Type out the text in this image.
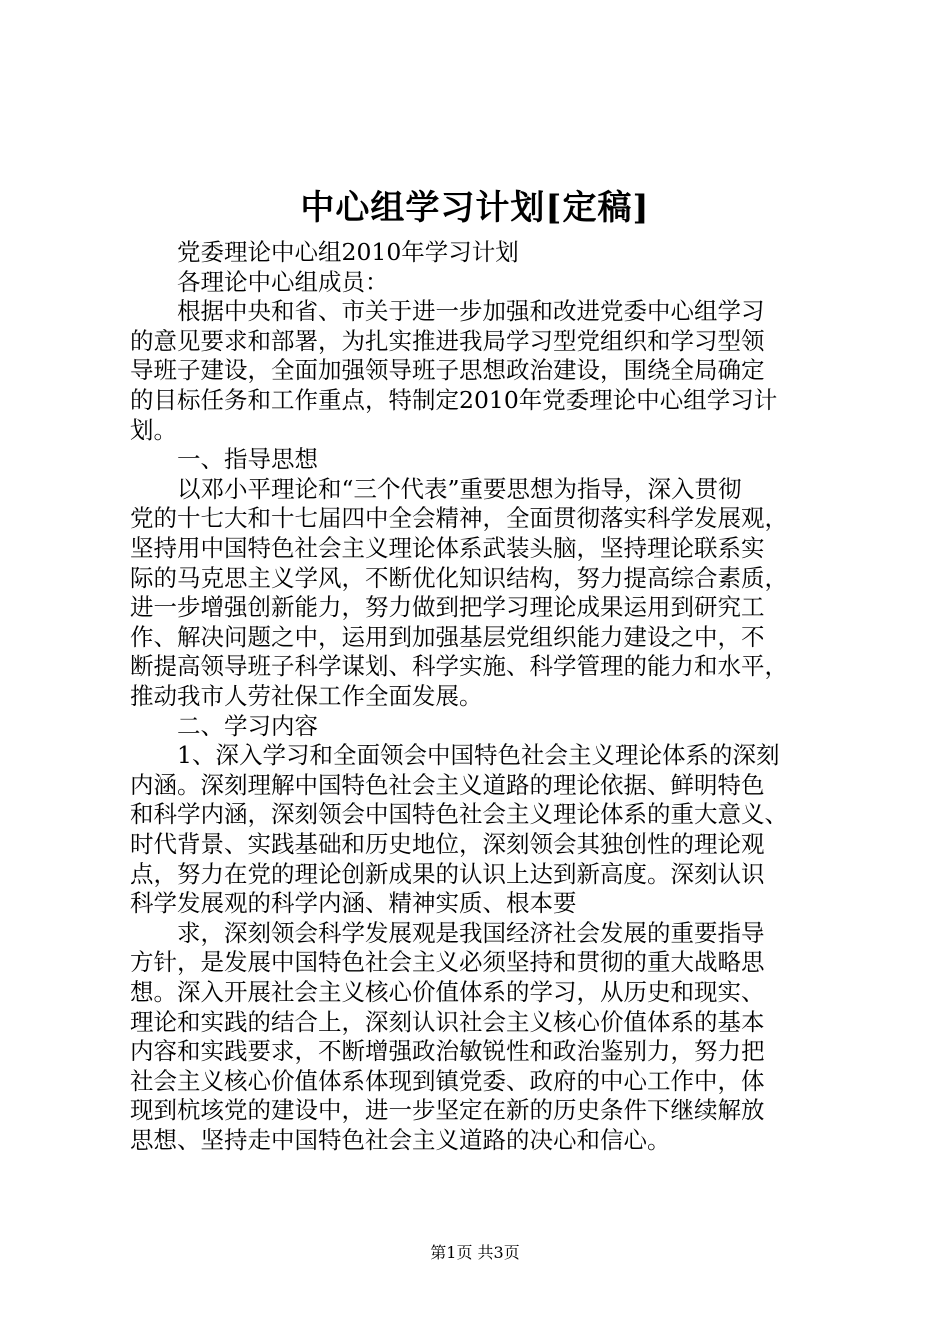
中心组学习计划[定稿]
　　党委理论中心组2010年学习计划
　　各理论中心组成员：
　　根据中央和省、市关于进一步加强和改进党委中心组学习
的意见要求和部署，为扎实推进我局学习型党组织和学习型领
导班子建设，全面加强领导班子思想政治建设，围绕全局确定
的目标任务和工作重点，特制定2010年党委理论中心组学习计
划。
　　一、指导思想
　　以邓小平理论和“三个代表”重要思想为指导，深入贯彻
党的十七大和十七届四中全会精神，全面贯彻落实科学发展观，
坚持用中国特色社会主义理论体系武装头脑，坚持理论联系实
际的马克思主义学风，不断优化知识结构，努力提高综合素质，
进一步增强创新能力，努力做到把学习理论成果运用到研究工
作、解决问题之中，运用到加强基层党组织能力建设之中，不
断提高领导班子科学谋划、科学实施、科学管理的能力和水平，
推动我市人劳社保工作全面发展。
　　二、学习内容
　　1、深入学习和全面领会中国特色社会主义理论体系的深刻
内涵。深刻理解中国特色社会主义道路的理论依据、鲜明特色
和科学内涵，深刻领会中国特色社会主义理论体系的重大意义、
时代背景、实践基础和历史地位，深刻领会其独创性的理论观
点，努力在党的理论创新成果的认识上达到新高度。深刻认识
科学发展观的科学内涵、精神实质、根本要
　　求，深刻领会科学发展观是我国经济社会发展的重要指导
方针，是发展中国特色社会主义必须坚持和贯彻的重大战略思
想。深入开展社会主义核心价值体系的学习，从历史和现实、
理论和实践的结合上，深刻认识社会主义核心价值体系的基本
内容和实践要求，不断增强政治敏锐性和政治鉴别力，努力把
社会主义核心价值体系体现到镇党委、政府的中心工作中，体
现到杭垓党的建设中，进一步坚定在新的历史条件下继续解放
思想、坚持走中国特色社会主义道路的决心和信心。
第1页 共3页
